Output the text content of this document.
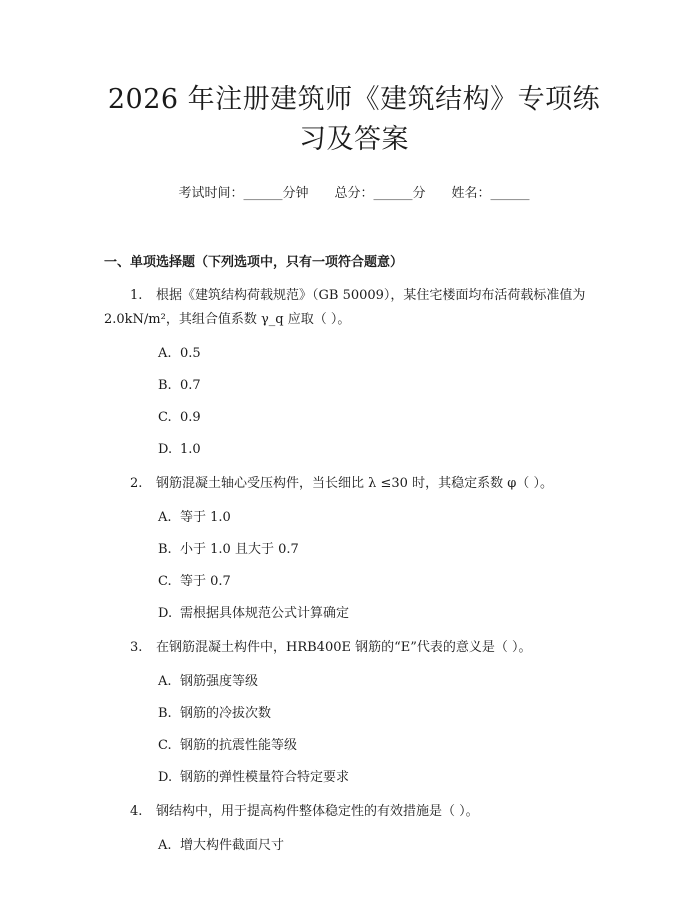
2026 年注册建筑师《建筑结构》专项练习及答案
考试时间：______分钟 总分：______分 姓名：______
一、单项选择题（下列选项中，只有一项符合题意）
1. 根据《建筑结构荷载规范》（GB 50009），某住宅楼面均布活荷载标准值为 2.0kN/m²，其组合值系数 γ_q 应取（ ）。
A. 0.5
B. 0.7
C. 0.9
D. 1.0
2. 钢筋混凝土轴心受压构件，当长细比 λ ≤30 时，其稳定系数 φ（ ）。
A. 等于 1.0
B. 小于 1.0 且大于 0.7
C. 等于 0.7
D. 需根据具体规范公式计算确定
3. 在钢筋混凝土构件中，HRB400E 钢筋的“E”代表的意义是（ ）。
A. 钢筋强度等级
B. 钢筋的冷拔次数
C. 钢筋的抗震性能等级
D. 钢筋的弹性模量符合特定要求
4. 钢结构中，用于提高构件整体稳定性的有效措施是（ ）。
A. 增大构件截面尺寸
